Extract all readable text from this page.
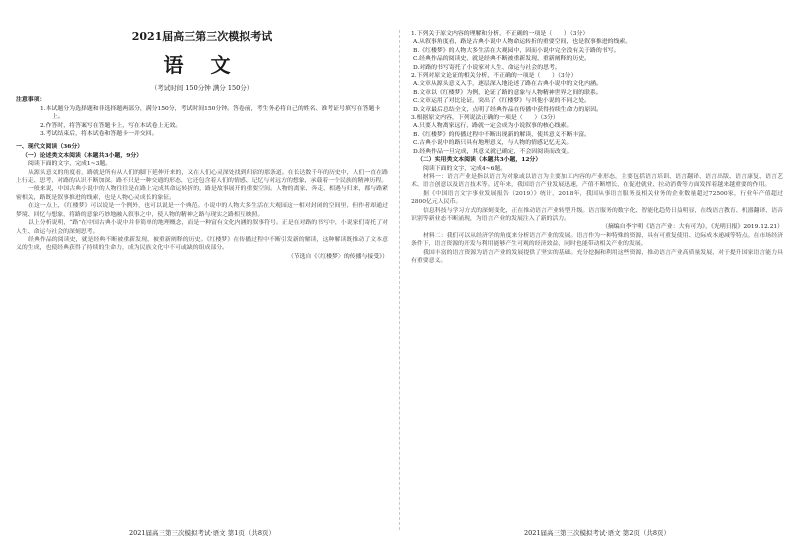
2021届高三第三次模拟考试
语 文
（考试时间 150分钟 满分 150分）
注意事项：
1.本试题分为选择题和非选择题两部分，满分150分，考试时间150分钟。答卷前，考生务必将自己的姓名、准考证号填写在答题卡上。
2.作答时，将答案写在答题卡上，写在本试卷上无效。
3.考试结束后，将本试卷和答题卡一并交回。
一、现代文阅读（36分）
（一）论述类文本阅读（本题共3小题，9分）
阅读下面的文字，完成1~3题。
从源头意义的角度看，路就是所有从人们的脚下延伸开来的，又在人们心灵深处找到归宿的那条道。在长达数千年的历史中，人们一直在路上行走、思考，对路的认识不断加深。路不只是一种交通的形态，它还包含着人们的情感、记忆与对远方的想象，承载着一个民族的精神历程。
一般来说，中国古典小说中的人物往往是在路上完成其命运转折的，路是故事展开的重要空间。人物的离家、奔走、相遇与归来，都与路紧密相关，路既是叙事推进的线索，也是人物心灵成长的象征。
在这一点上，《红楼梦》可以说是一个例外，也可以说是一个典范。小说中的人物大多生活在大观园这一相对封闭的空间里，但作者却通过梦境、回忆与想象，将路的意象巧妙地融入叙事之中，使人物的精神之路与现实之路相互映照。
以上分析说明，“路”在中国古典小说中并非简单的地理概念，而是一种富有文化内涵的叙事符号。正是在对路的书写中，小说家们寄托了对人生、命运与社会的深刻思考。
经典作品的阅读史，就是经典不断被重新发现、被重新阐释的历史。《红楼梦》在传播过程中不断引发新的解读，这种解读既推动了文本意义的生成，也使经典获得了持续的生命力，成为民族文化中不可或缺的组成部分。
（节选自《〈红楼梦〉的传播与接受》）
1.下列关于原文内容的理解和分析，不正确的一项是（　　）（3分）
A.从叙事角度看，路是古典小说中人物命运转折的重要空间，也是叙事推进的线索。
B.《红楼梦》的人物大多生活在大观园中，因而小说中完全没有关于路的书写。
C.经典作品的阅读史，就是经典不断被重新发现、重新阐释的历史。
D.对路的书写寄托了小说家对人生、命运与社会的思考。
2.下列对原文论证的相关分析，不正确的一项是（　　）（3分）
A.文章从源头意义入手，逐层深入地论述了路在古典小说中的文化内涵。
B.文章以《红楼梦》为例，论证了路的意象与人物精神世界之间的联系。
C.文章运用了对比论证，突出了《红楼梦》与其他小说的不同之处。
D.文章最后总结全文，点明了经典作品在传播中获得持续生命力的原因。
3.根据原文内容，下列说法正确的一项是（　　）（3分）
A.只要人物离家远行，路就一定会成为小说叙事的核心线索。
B.《红楼梦》的传播过程中不断出现新的解读，使其意义不断丰富。
C.古典小说中的路只具有地理意义，与人物的情感记忆无关。
D.经典作品一旦完成，其意义就已确定，不会因阅读而改变。
（二）实用类文本阅读（本题共3小题，12分）
阅读下面的文字，完成4~6题。
材料一：语言产业是指以语言为对象或以语言为主要加工内容的产业形态，主要包括语言培训、语言翻译、语言出版、语言康复、语言艺术、语言创意以及语言技术等。近年来，我国语言产业发展迅速，产值不断增长，在促进就业、拉动消费等方面发挥着越来越重要的作用。
据《中国语言文字事业发展报告（2019）》统计，2018年，我国从事语言服务及相关业务的企业数量超过72500家，行业年产值超过2800亿元人民币。
信息科技与学习方式的深刻变化，正在推动语言产业转型升级。语言服务的数字化、智能化趋势日益明显，在线语言教育、机器翻译、语音识别等新业态不断涌现，为语言产业的发展注入了新的活力。
（摘编自李宇明《语言产业：大有可为》，《光明日报》2019.12.21）
材料二：我们可以从经济学的角度来分析语言产业的发展。语言作为一种特殊的资源，具有可重复使用、边际成本递减等特点。在市场经济条件下，语言资源的开发与利用能够产生可观的经济效益，同时也能带动相关产业的发展。
我国丰富的语言资源为语言产业的发展提供了坚实的基础。充分挖掘和利用这些资源，推动语言产业高质量发展，对于提升国家语言能力具有重要意义。
2021届高三第三次模拟考试·语文 第1页（共8页）	2021届高三第三次模拟考试·语文 第2页（共8页）
